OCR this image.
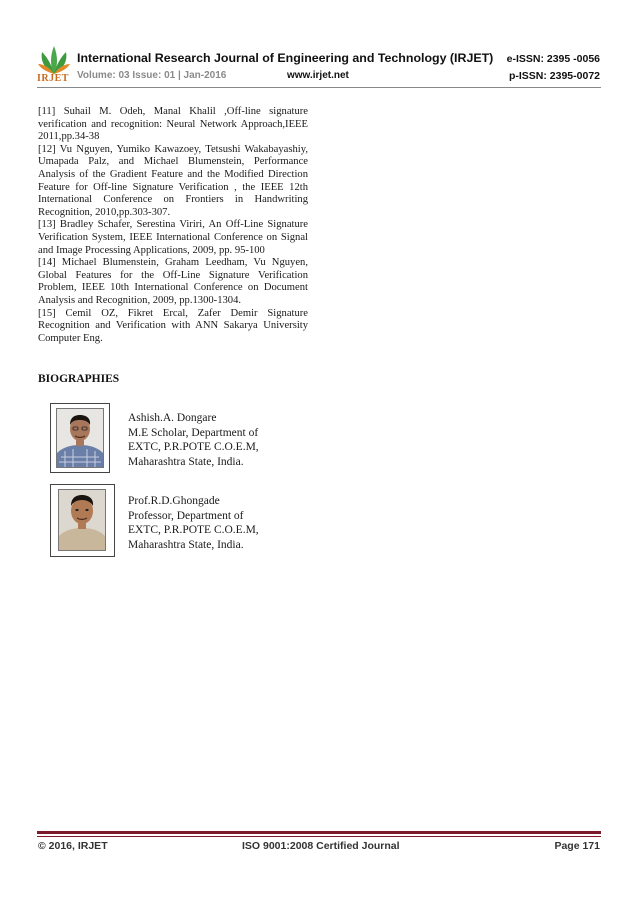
IRJET
International Research Journal of Engineering and Technology (IRJET) e-ISSN: 2395 -0056
Volume: 03 Issue: 01 | Jan-2016	www.irjet.net	p-ISSN: 2395-0072

[11] Suhail M. Odeh, Manal Khalil ,Off-line signature verification and recognition: Neural Network Approach,IEEE 2011,pp.34-38

[12] Vu Nguyen, Yumiko Kawazoey, Tetsushi Wakabayashiy, Umapada Palz, and Michael Blumenstein, Performance Analysis of the Gradient Feature and the Modified Direction Feature for Off-line Signature Verification , the IEEE 12th International Conference on Frontiers in Handwriting Recognition, 2010,pp.303-307.

[13] Bradley Schafer, Serestina Viriri, An Off-Line Signature Verification System, IEEE International Conference on Signal and Image Processing Applications, 2009, pp. 95-100

[14] Michael Blumenstein, Graham Leedham, Vu Nguyen, Global Features for the Off-Line Signature Verification Problem, IEEE 10th International Conference on Document Analysis and Recognition, 2009, pp.1300-1304.

[15] Cemil OZ, Fikret Ercal, Zafer Demir Signature Recognition and Verification with ANN Sakarya University Computer Eng.

BIOGRAPHIES
Ashish.A. Dongare
M.E Scholar, Department of
EXTC, P.R.POTE C.O.E.M,
Maharashtra State, India.
Prof.R.D.Ghongade
Professor, Department of
EXTC, P.R.POTE C.O.E.M,
Maharashtra State, India.
© 2016, IRJET	ISO 9001:2008 Certified Journal	Page 171
